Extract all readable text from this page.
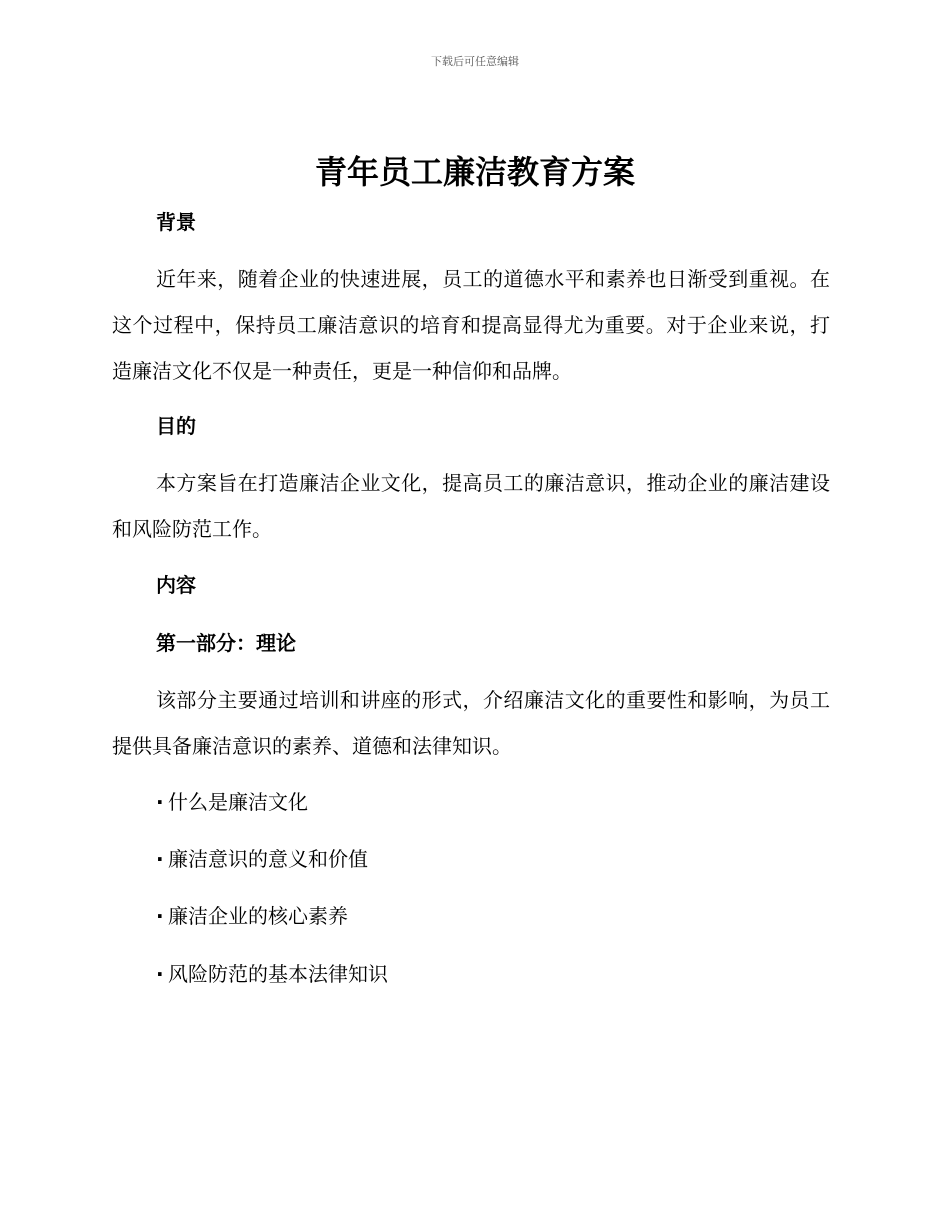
下载后可任意编辑
青年员工廉洁教育方案

背景

近年来，随着企业的快速进展，员工的道德水平和素养也日渐受到重视。在这个过程中，保持员工廉洁意识的培育和提高显得尤为重要。对于企业来说，打造廉洁文化不仅是一种责任，更是一种信仰和品牌。

目的

本方案旨在打造廉洁企业文化，提高员工的廉洁意识，推动企业的廉洁建设和风险防范工作。

内容

第一部分：理论

该部分主要通过培训和讲座的形式，介绍廉洁文化的重要性和影响，为员工提供具备廉洁意识的素养、道德和法律知识。

· 什么是廉洁文化

· 廉洁意识的意义和价值

· 廉洁企业的核心素养

· 风险防范的基本法律知识
